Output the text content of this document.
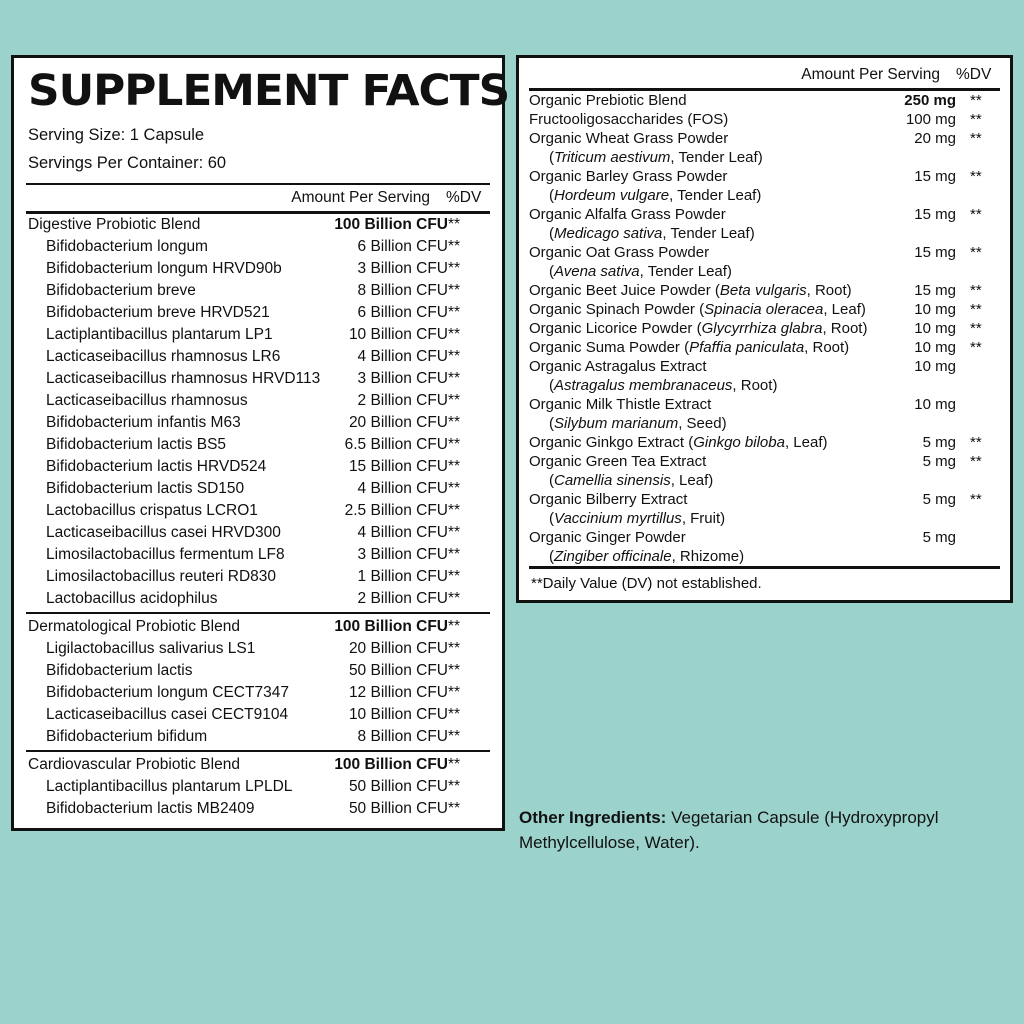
SUPPLEMENT FACTS
Serving Size: 1 Capsule
Servings Per Container: 60
Amount Per Serving %DV
Digestive Probiotic Blend	100 Billion CFU	**
Bifidobacterium longum	6 Billion CFU	**
Bifidobacterium longum HRVD90b	3 Billion CFU	**
Bifidobacterium breve	8 Billion CFU	**
Bifidobacterium breve HRVD521	6 Billion CFU	**
Lactiplantibacillus plantarum LP1	10 Billion CFU	**
Lacticaseibacillus rhamnosus LR6	4 Billion CFU	**
Lacticaseibacillus rhamnosus HRVD113	3 Billion CFU	**
Lacticaseibacillus rhamnosus	2 Billion CFU	**
Bifidobacterium infantis M63	20 Billion CFU	**
Bifidobacterium lactis BS5	6.5 Billion CFU	**
Bifidobacterium lactis HRVD524	15 Billion CFU	**
Bifidobacterium lactis SD150	4 Billion CFU	**
Lactobacillus crispatus LCRO1	2.5 Billion CFU	**
Lacticaseibacillus casei HRVD300	4 Billion CFU	**
Limosilactobacillus fermentum LF8	3 Billion CFU	**
Limosilactobacillus reuteri RD830	1 Billion CFU	**
Lactobacillus acidophilus	2 Billion CFU	**

Dermatological Probiotic Blend	100 Billion CFU	**
Ligilactobacillus salivarius LS1	20 Billion CFU	**
Bifidobacterium lactis	50 Billion CFU	**
Bifidobacterium longum CECT7347	12 Billion CFU	**
Lacticaseibacillus casei CECT9104	10 Billion CFU	**
Bifidobacterium bifidum	8 Billion CFU	**

Cardiovascular Probiotic Blend	100 Billion CFU	**
Lactiplantibacillus plantarum LPLDL	50 Billion CFU	**
Bifidobacterium lactis MB2409	50 Billion CFU	**
Amount Per Serving %DV
Organic Prebiotic Blend	250 mg	**
Fructooligosaccharides (FOS)	100 mg	**
Organic Wheat Grass Powder	20 mg	**
(Triticum aestivum, Tender Leaf)		
Organic Barley Grass Powder	15 mg	**
(Hordeum vulgare, Tender Leaf)		
Organic Alfalfa Grass Powder	15 mg	**
(Medicago sativa, Tender Leaf)		
Organic Oat Grass Powder	15 mg	**
(Avena sativa, Tender Leaf)		
Organic Beet Juice Powder (Beta vulgaris, Root)	15 mg	**
Organic Spinach Powder (Spinacia oleracea, Leaf)	10 mg	**
Organic Licorice Powder (Glycyrrhiza glabra, Root)	10 mg	**
Organic Suma Powder (Pfaffia paniculata, Root)	10 mg	**
Organic Astragalus Extract	10 mg	
(Astragalus membranaceus, Root)		
Organic Milk Thistle Extract	10 mg	
(Silybum marianum, Seed)		
Organic Ginkgo Extract (Ginkgo biloba, Leaf)	5 mg	**
Organic Green Tea Extract	5 mg	**
(Camellia sinensis, Leaf)		
Organic Bilberry Extract	5 mg	**
(Vaccinium myrtillus, Fruit)		
Organic Ginger Powder	5 mg	
(Zingiber officinale, Rhizome)		
**Daily Value (DV) not established.
Other Ingredients: Vegetarian Capsule (Hydroxypropyl Methylcellulose, Water).
